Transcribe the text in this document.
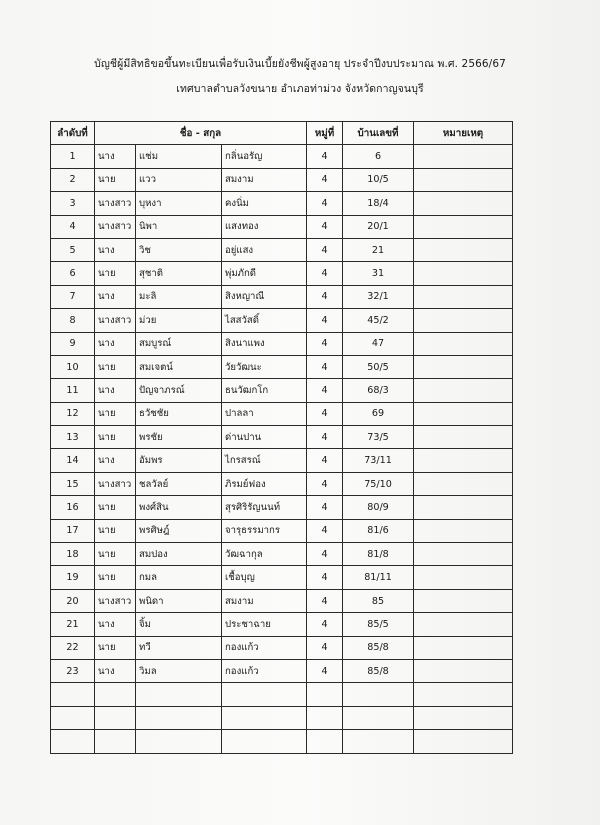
บัญชีผู้มีสิทธิขอขึ้นทะเบียนเพื่อรับเงินเบี้ยยังชีพผู้สูงอายุ ประจำปีงบประมาณ พ.ศ. 2566/67
เทศบาลตำบลวังขนาย อำเภอท่าม่วง จังหวัดกาญจนบุรี
ลำดับที่	ชื่อ - สกุล			หมู่ที่	บ้านเลขที่	หมายเหตุ
1	นาง	แช่ม	กลิ่นอรัญ	4	6	
2	นาย	แวว	สมงาม	4	10/5	
3	นางสาว	บุหงา	คงนิ่ม	4	18/4	
4	นางสาว	นิพา	แสงทอง	4	20/1	
5	นาง	วิช	อยู่แสง	4	21	
6	นาย	สุชาติ	พุ่มภักดี	4	31	
7	นาง	มะลิ	สิงหญาณี	4	32/1	
8	นางสาว	ม่วย	ไสสวัสดิ์	4	45/2	
9	นาง	สมบูรณ์	สิงนาแพง	4	47	
10	นาย	สมเจตน์	วัยวัฒนะ	4	50/5	
11	นาง	ปัญจาภรณ์	ธนวัฒกโก	4	68/3	
12	นาย	ธวัชชัย	ปาลลา	4	69	
13	นาย	พรชัย	ด่านปาน	4	73/5	
14	นาง	อัมพร	ไกรสรณ์	4	73/11	
15	นางสาว	ชลวัลย์	ภิรมย์ฟอง	4	75/10	
16	นาย	พงศ์สิน	สุรศิริรัญนนท์	4	80/9	
17	นาย	พรศิษฎ์	จารุธรรมากร	4	81/6	
18	นาย	สมปอง	วัฒฉากุล	4	81/8	
19	นาย	กมล	เชื้อบุญ	4	81/11	
20	นางสาว	พนิดา	สมงาม	4	85	
21	นาง	จิ้ม	ประชาฉาย	4	85/5	
22	นาย	ทวี	กองแก้ว	4	85/8	
23	นาง	วิมล	กองแก้ว	4	85/8	
